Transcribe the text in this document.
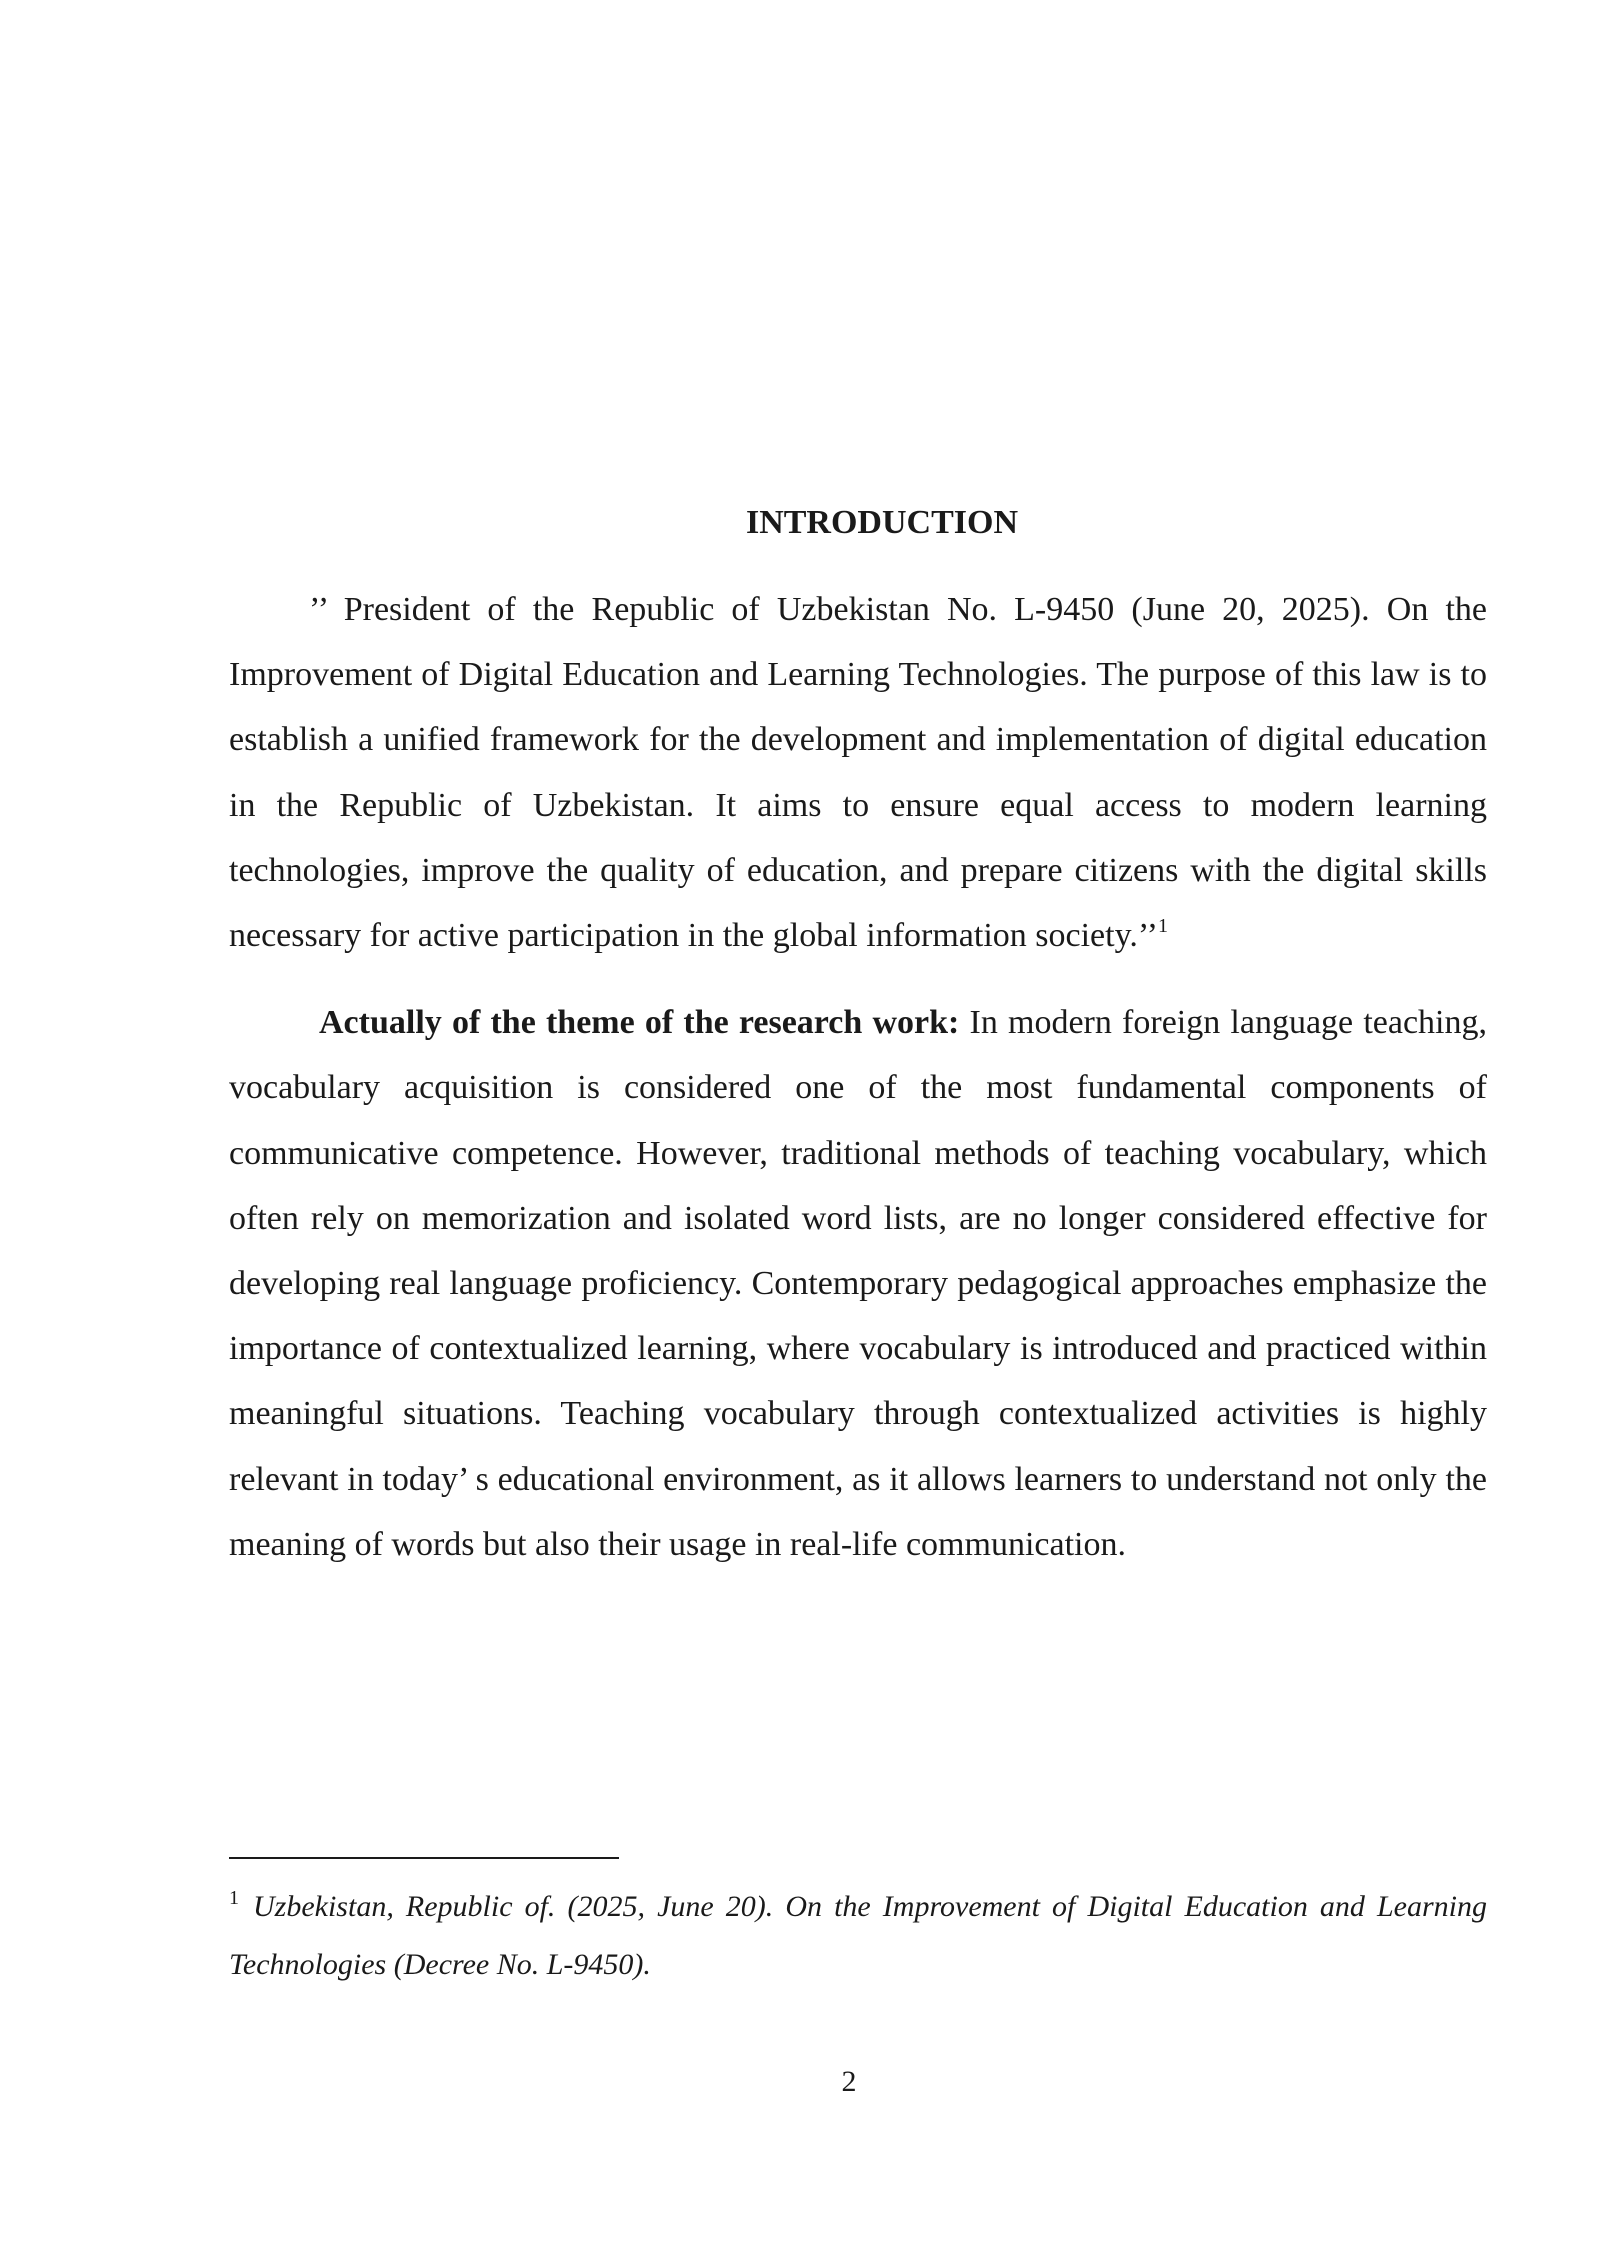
INTRODUCTION

’’ President of the Republic of Uzbekistan No. L-9450 (June 20, 2025). On the Improvement of Digital Education and Learning Technologies. The purpose of this law is to establish a unified framework for the development and implementation of digital education in the Republic of Uzbekistan. It aims to ensure equal access to modern learning technologies, improve the quality of education, and prepare citizens with the digital skills necessary for active participation in the global information society.’’$^1$

Actually of the theme of the research work: In modern foreign language teaching, vocabulary acquisition is considered one of the most fundamental components of communicative competence. However, traditional methods of teaching vocabulary, which often rely on memorization and isolated word lists, are no longer considered effective for developing real language proficiency. Contemporary pedagogical approaches emphasize the importance of contextualized learning, where vocabulary is introduced and practiced within meaningful situations. Teaching vocabulary through contextualized activities is highly relevant in today’ s educational environment, as it allows learners to understand not only the meaning of words but also their usage in real-life communication.

$^1$ Uzbekistan, Republic of. (2025, June 20). On the Improvement of Digital Education and Learning Technologies (Decree No. L-9450).

2
